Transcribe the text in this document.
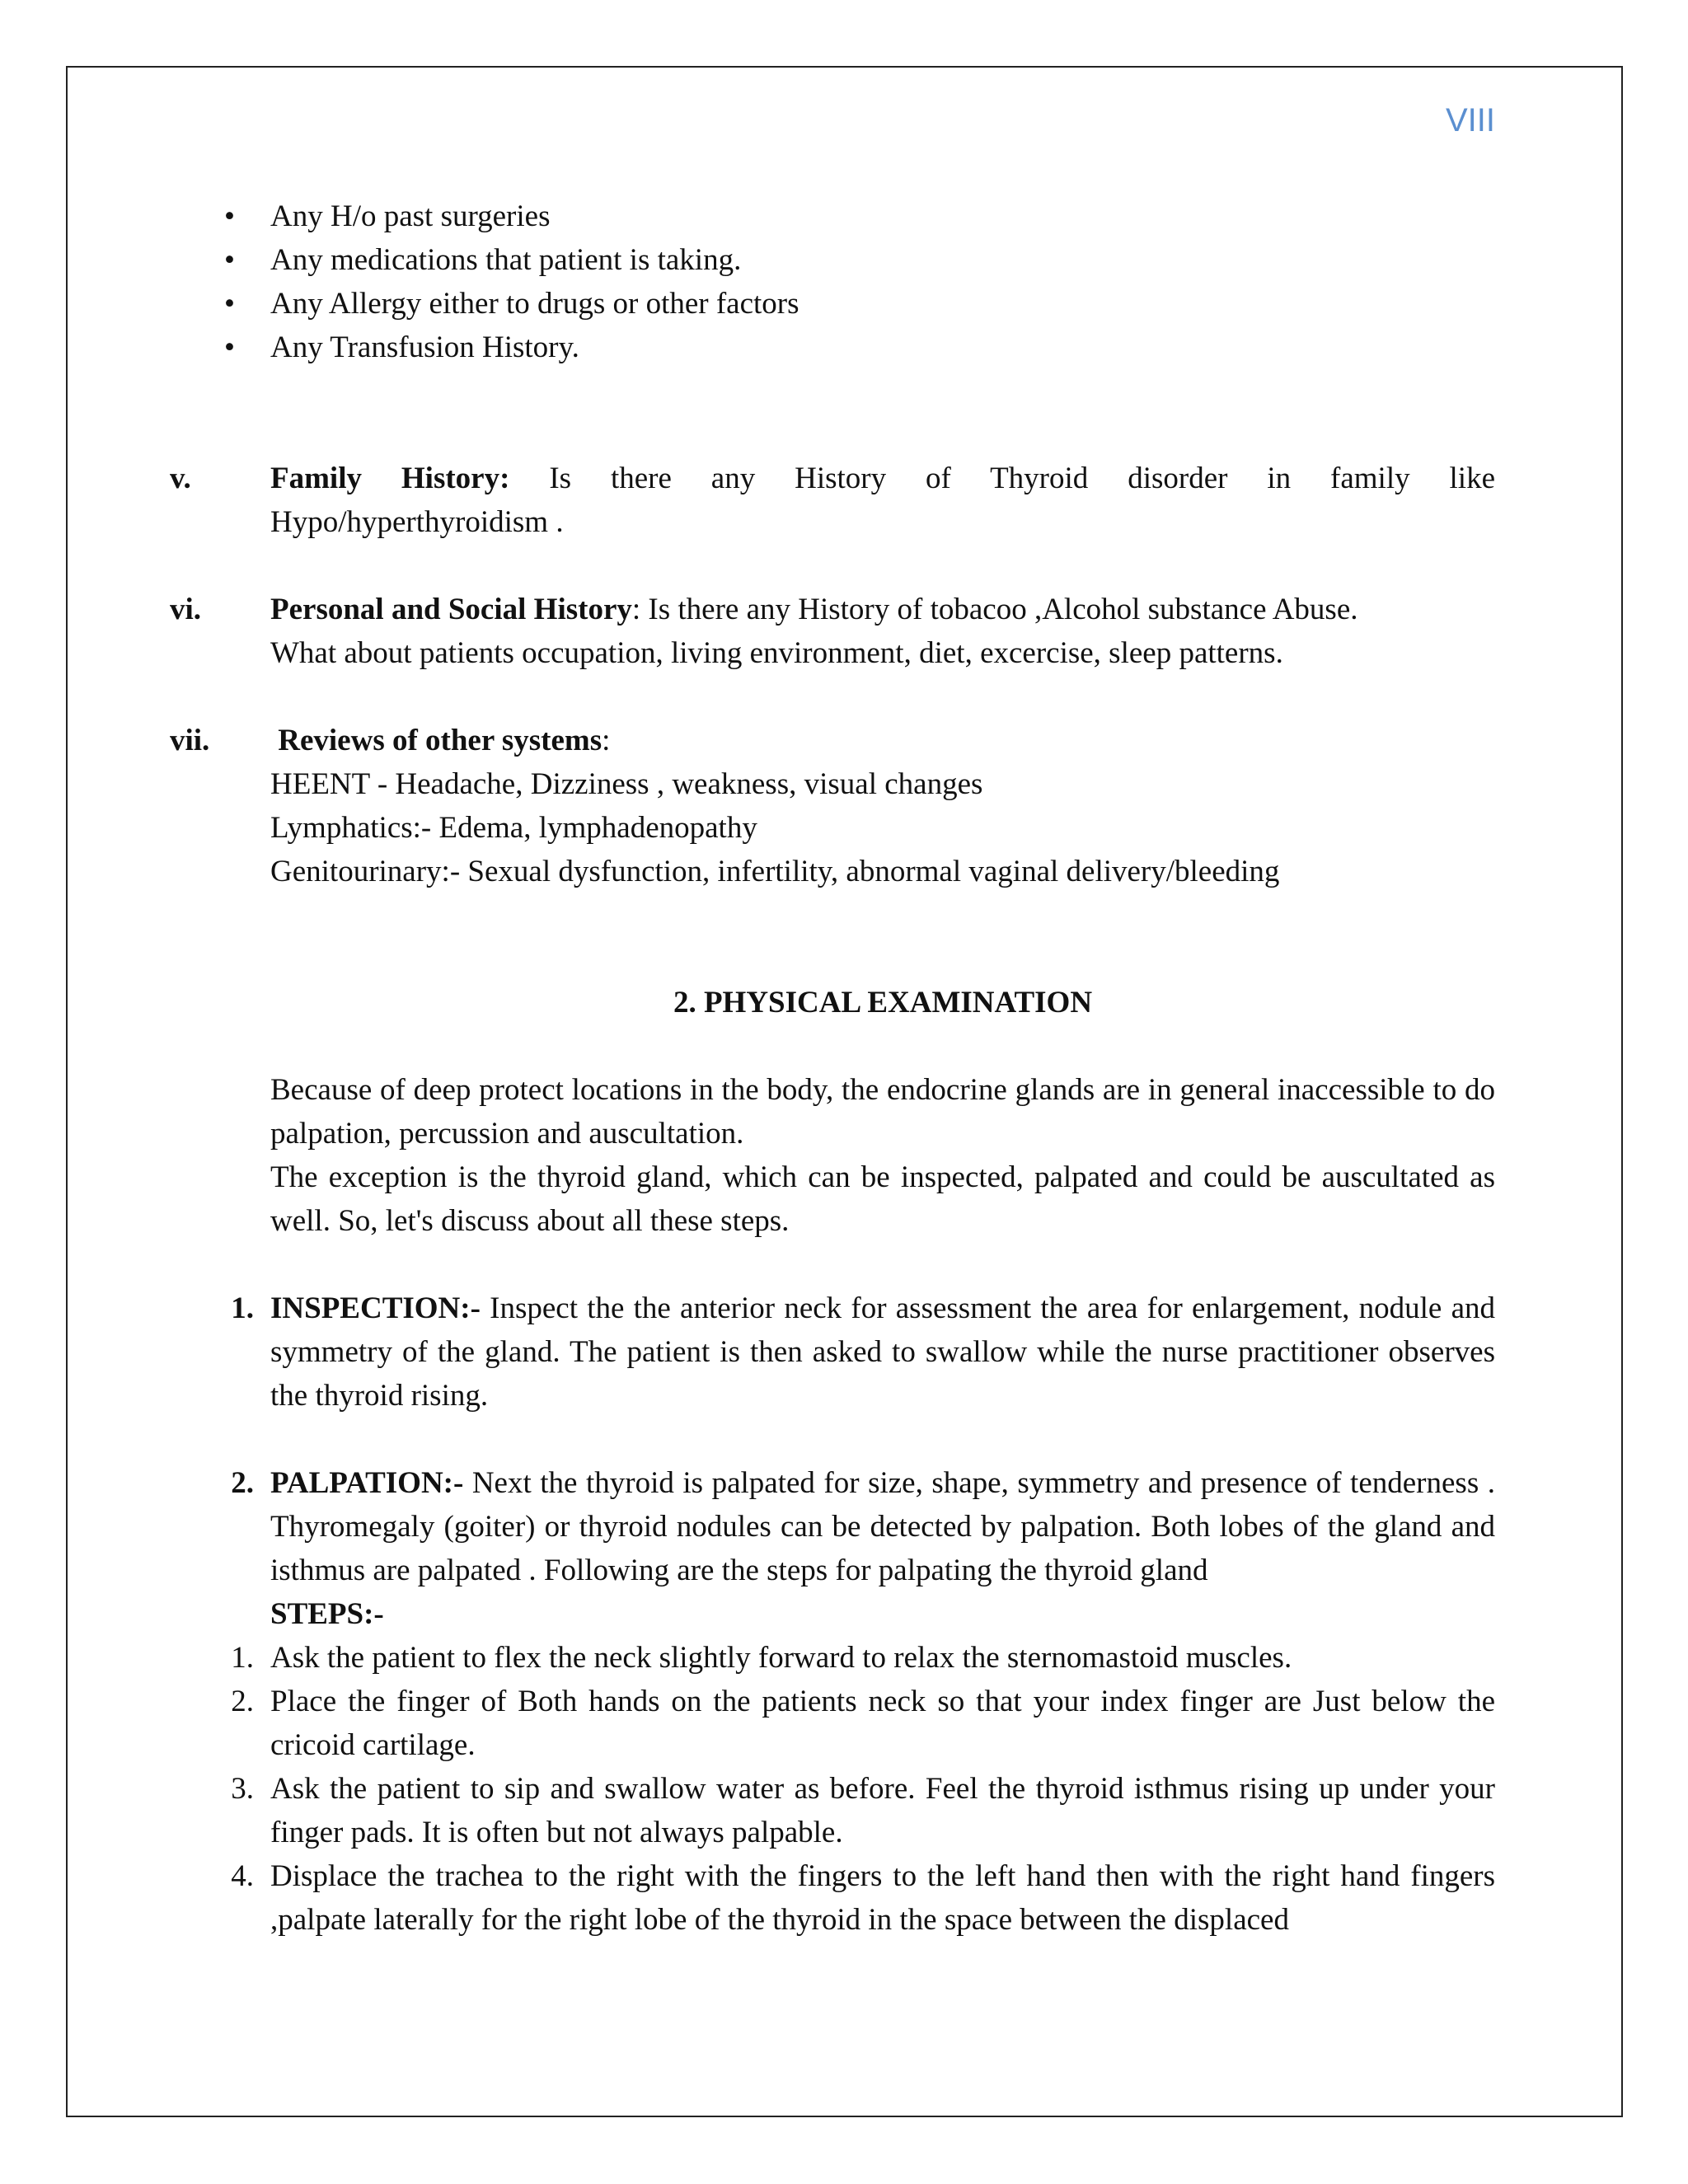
VIII
• Any H/o past surgeries
• Any medications that patient is taking.
• Any Allergy either to drugs or other factors
• Any Transfusion History.
v.	Family History: Is there any History of Thyroid disorder in family like
Hypo/hyperthyroidism .
vi.	Personal and Social History: Is there any History of tobacoo ,Alcohol substance Abuse.
What about patients occupation, living environment, diet, excercise, sleep patterns.
vii.	Reviews of other systems:
HEENT - Headache, Dizziness , weakness, visual changes
Lymphatics:- Edema, lymphadenopathy
Genitourinary:- Sexual dysfunction, infertility, abnormal vaginal delivery/bleeding
2. PHYSICAL EXAMINATION
Because of deep protect locations in the body, the endocrine glands are in general inaccessible to do palpation, percussion and auscultation.
The exception is the thyroid gland, which can be inspected, palpated and could be auscultated as well. So, let's discuss about all these steps.
1. INSPECTION:- Inspect the the anterior neck for assessment the area for enlargement, nodule and symmetry of the gland. The patient is then asked to swallow while the nurse practitioner observes the thyroid rising.
2. PALPATION:- Next the thyroid is palpated for size, shape, symmetry and presence of tenderness . Thyromegaly (goiter) or thyroid nodules can be detected by palpation. Both lobes of the gland and isthmus are palpated . Following are the steps for palpating the thyroid gland
STEPS:-
1. Ask the patient to flex the neck slightly forward to relax the sternomastoid muscles.
2. Place the finger of Both hands on the patients neck so that your index finger are Just below the cricoid cartilage.
3. Ask the patient to sip and swallow water as before. Feel the thyroid isthmus rising up under your finger pads. It is often but not always palpable.
4. Displace the trachea to the right with the fingers to the left hand then with the right hand fingers ,palpate laterally for the right lobe of the thyroid in the space between the displaced
